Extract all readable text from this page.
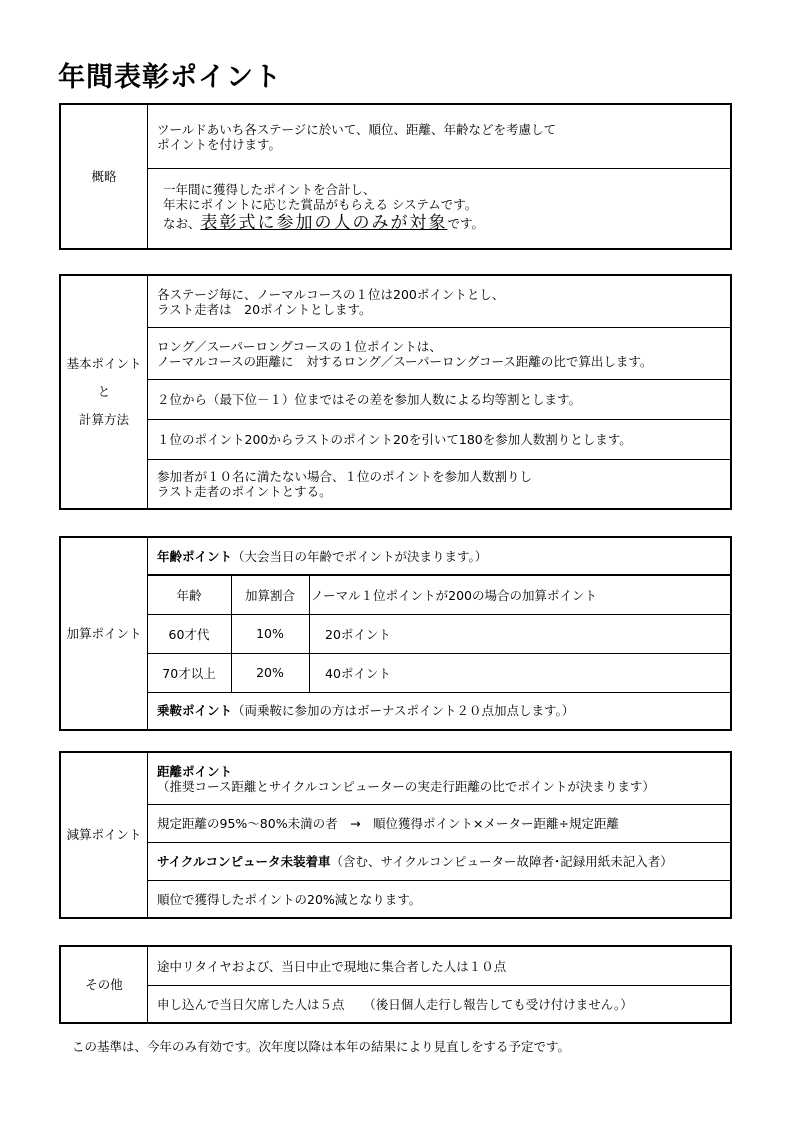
年間表彰ポイント
概略
ツールドあいち各ステージに於いて、順位、距離、年齢などを考慮して
ポイントを付けます。
一年間に獲得したポイントを合計し、
年末にポイントに応じた賞品がもらえる システムです。
なお、表彰式に参加の人のみが対象です。
基本ポイントと
計算方法
各ステージ毎に、ノーマルコースの１位は200ポイントとし、
ラスト走者は　20ポイントとします。
ロング／スーパーロングコースの１位ポイントは、
ノーマルコースの距離に　対するロング／スーパーロングコース距離の比で算出します。
２位から（最下位－１）位まではその差を参加人数による均等割とします。
１位のポイント200からラストのポイント20を引いて180を参加人数割りとします。
参加者が１０名に満たない場合、１位のポイントを参加人数割りし
ラスト走者のポイントとする。
加算ポイント
年齢ポイント（大会当日の年齢でポイントが決まります。）
年齢	加算割合	ノーマル１位ポイントが200の場合の加算ポイント
60才代	10%	20ポイント
70才以上	20%	40ポイント
乗鞍ポイント（両乗鞍に参加の方はボーナスポイント２０点加点します。）
減算ポイント
距離ポイント
（推奨コース距離とサイクルコンピューターの実走行距離の比でポイントが決まります）
規定距離の95%～80%未満の者　→　順位獲得ポイント×メーター距離÷規定距離
サイクルコンピュータ未装着車（含む、サイクルコンピューター故障者･記録用紙未記入者）
順位で獲得したポイントの20%減となります。
その他
途中リタイヤおよび、当日中止で現地に集合者した人は１０点
申し込んで当日欠席した人は５点　　（後日個人走行し報告しても受け付けません。）
この基準は、今年のみ有効です。次年度以降は本年の結果により見直しをする予定です。
